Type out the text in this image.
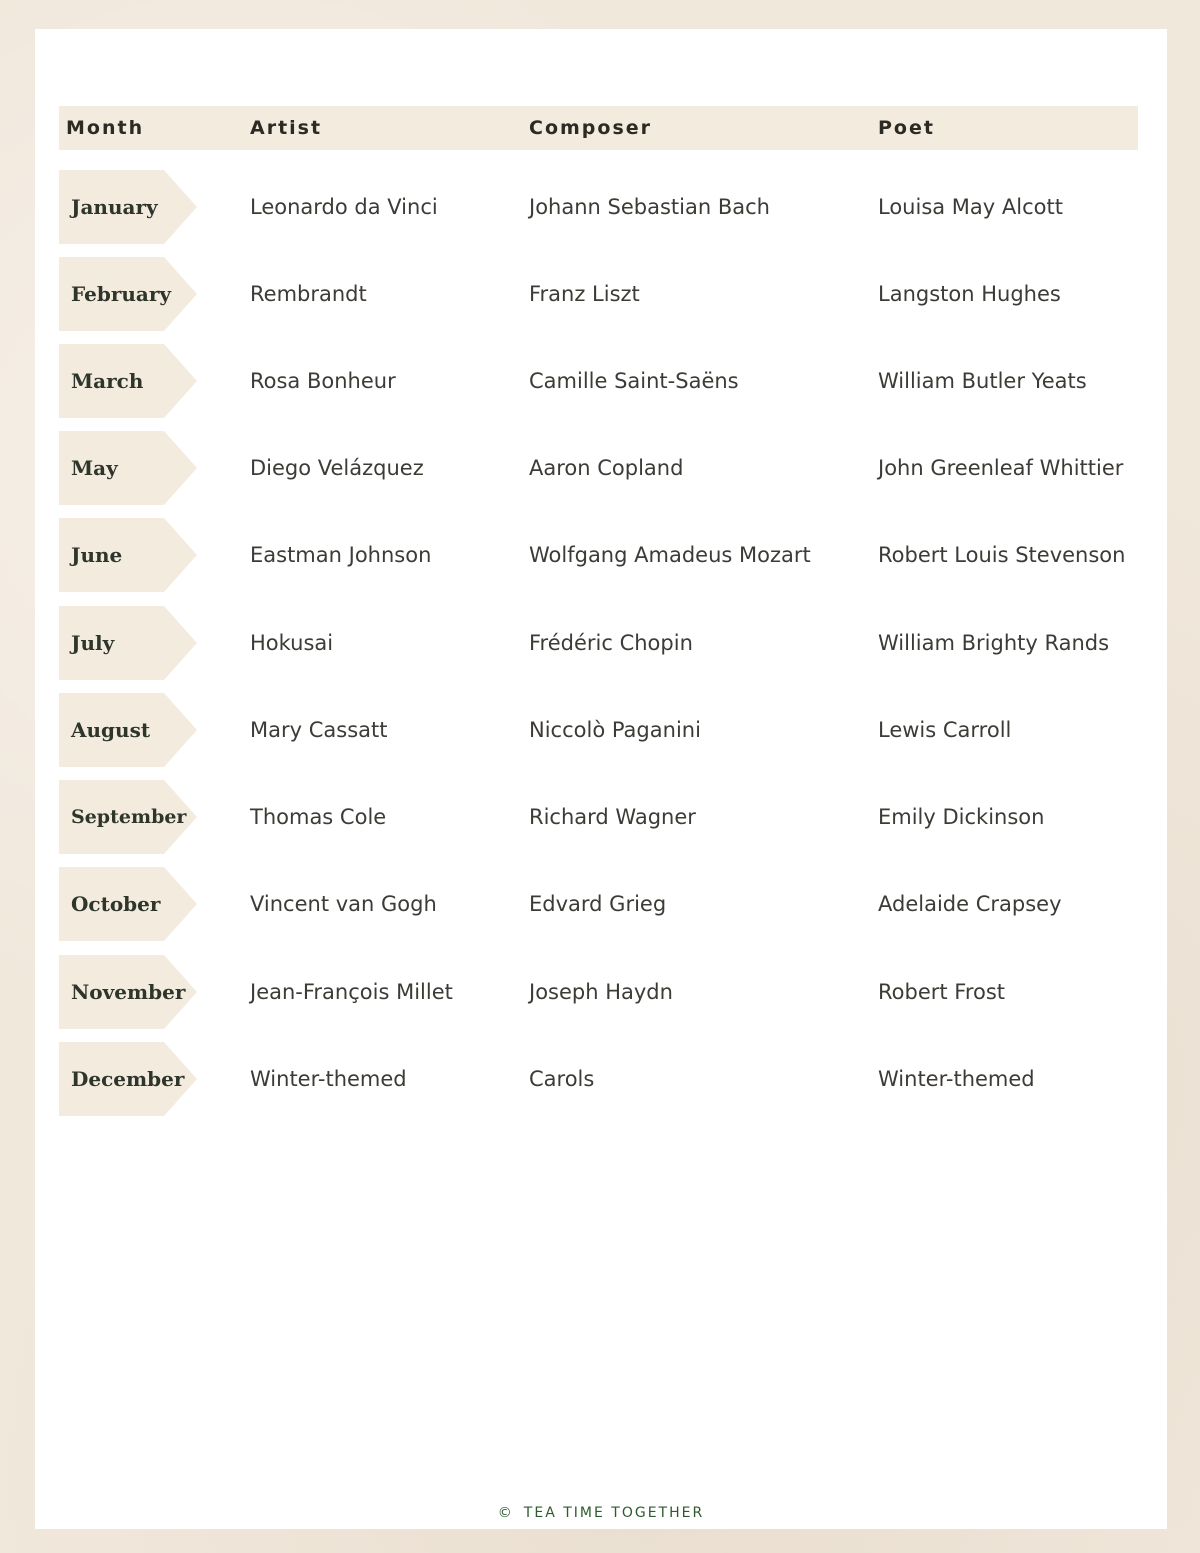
Month	Artist	Composer	Poet
January	Leonardo da Vinci	Johann Sebastian Bach	Louisa May Alcott
February	Rembrandt	Franz Liszt	Langston Hughes
March	Rosa Bonheur	Camille Saint-Saëns	William Butler Yeats
May	Diego Velázquez	Aaron Copland	John Greenleaf Whittier
June	Eastman Johnson	Wolfgang Amadeus Mozart	Robert Louis Stevenson
July	Hokusai	Frédéric Chopin	William Brighty Rands
August	Mary Cassatt	Niccolò Paganini	Lewis Carroll
September	Thomas Cole	Richard Wagner	Emily Dickinson
October	Vincent van Gogh	Edvard Grieg	Adelaide Crapsey
November	Jean-François Millet	Joseph Haydn	Robert Frost
December	Winter-themed	Carols	Winter-themed
© TEA TIME TOGETHER
